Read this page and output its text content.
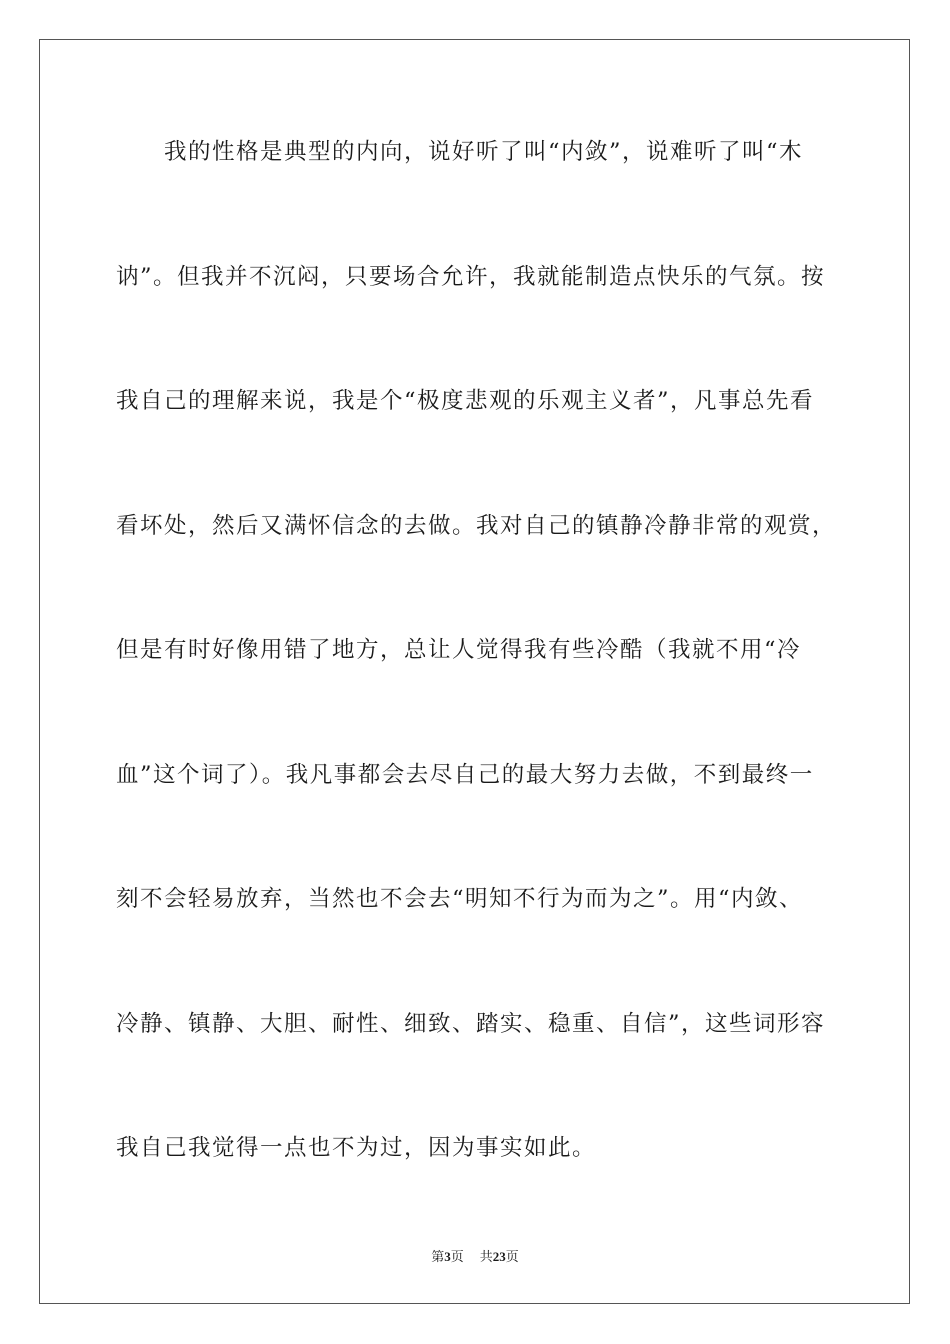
我的性格是典型的内向，说好听了叫“内敛”，说难听了叫“木
讷”。但我并不沉闷，只要场合允许，我就能制造点快乐的气氛。按
我自己的理解来说，我是个“极度悲观的乐观主义者”，凡事总先看
看坏处，然后又满怀信念的去做。我对自己的镇静冷静非常的观赏，
但是有时好像用错了地方，总让人觉得我有些冷酷（我就不用“冷
血”这个词了）。我凡事都会去尽自己的最大努力去做，不到最终一
刻不会轻易放弃，当然也不会去“明知不行为而为之”。用“内敛、
冷静、镇静、大胆、耐性、细致、踏实、稳重、自信”，这些词形容
我自己我觉得一点也不为过，因为事实如此。
第3页 共23页
